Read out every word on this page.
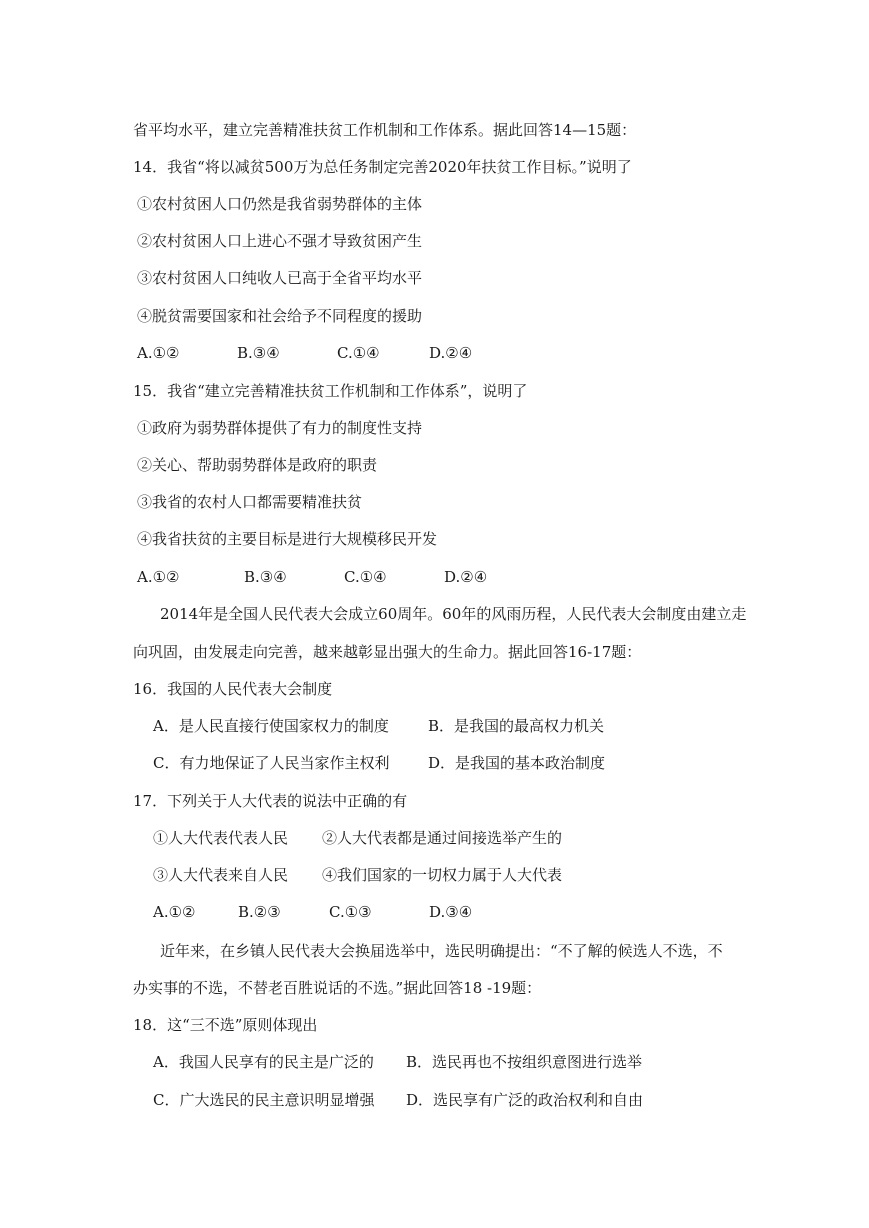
省平均水平，建立完善精准扶贫工作机制和工作体系。据此回答14—15题：
14．我省“将以减贫500万为总任务制定完善2020年扶贫工作目标。”说明了
①农村贫困人口仍然是我省弱势群体的主体
②农村贫困人口上进心不强才导致贫困产生
③农村贫困人口纯收人已高于全省平均水平
④脱贫需要国家和社会给予不同程度的援助
A.①②	B.③④	C.①④	D.②④
15．我省“建立完善精准扶贫工作机制和工作体系”，说明了
①政府为弱势群体提供了有力的制度性支持
②关心、帮助弱势群体是政府的职责
③我省的农村人口都需要精准扶贫
④我省扶贫的主要目标是进行大规模移民开发
A.①②	B.③④	C.①④	D.②④
2014年是全国人民代表大会成立60周年。60年的风雨历程，人民代表大会制度由建立走
向巩固，由发展走向完善，越来越彰显出强大的生命力。据此回答16-17题：
16．我国的人民代表大会制度
A．是人民直接行使国家权力的制度	B．是我国的最高权力机关
C．有力地保证了人民当家作主权利	D．是我国的基本政治制度
17．下列关于人大代表的说法中正确的有
①人大代表代表人民 ②人大代表都是通过间接选举产生的
③人大代表来自人民 ④我们国家的一切权力属于人大代表
A.①②	B.②③	C.①③	D.③④
近年来，在乡镇人民代表大会换届选举中，选民明确提出：“不了解的候选人不选，不
办实事的不选，不替老百胜说话的不选。”据此回答18 -19题：
18．这“三不选”原则体现出
A．我国人民享有的民主是广泛的 B．选民再也不按组织意图进行选举
C．广大选民的民主意识明显增强 D．选民享有广泛的政治权利和自由
